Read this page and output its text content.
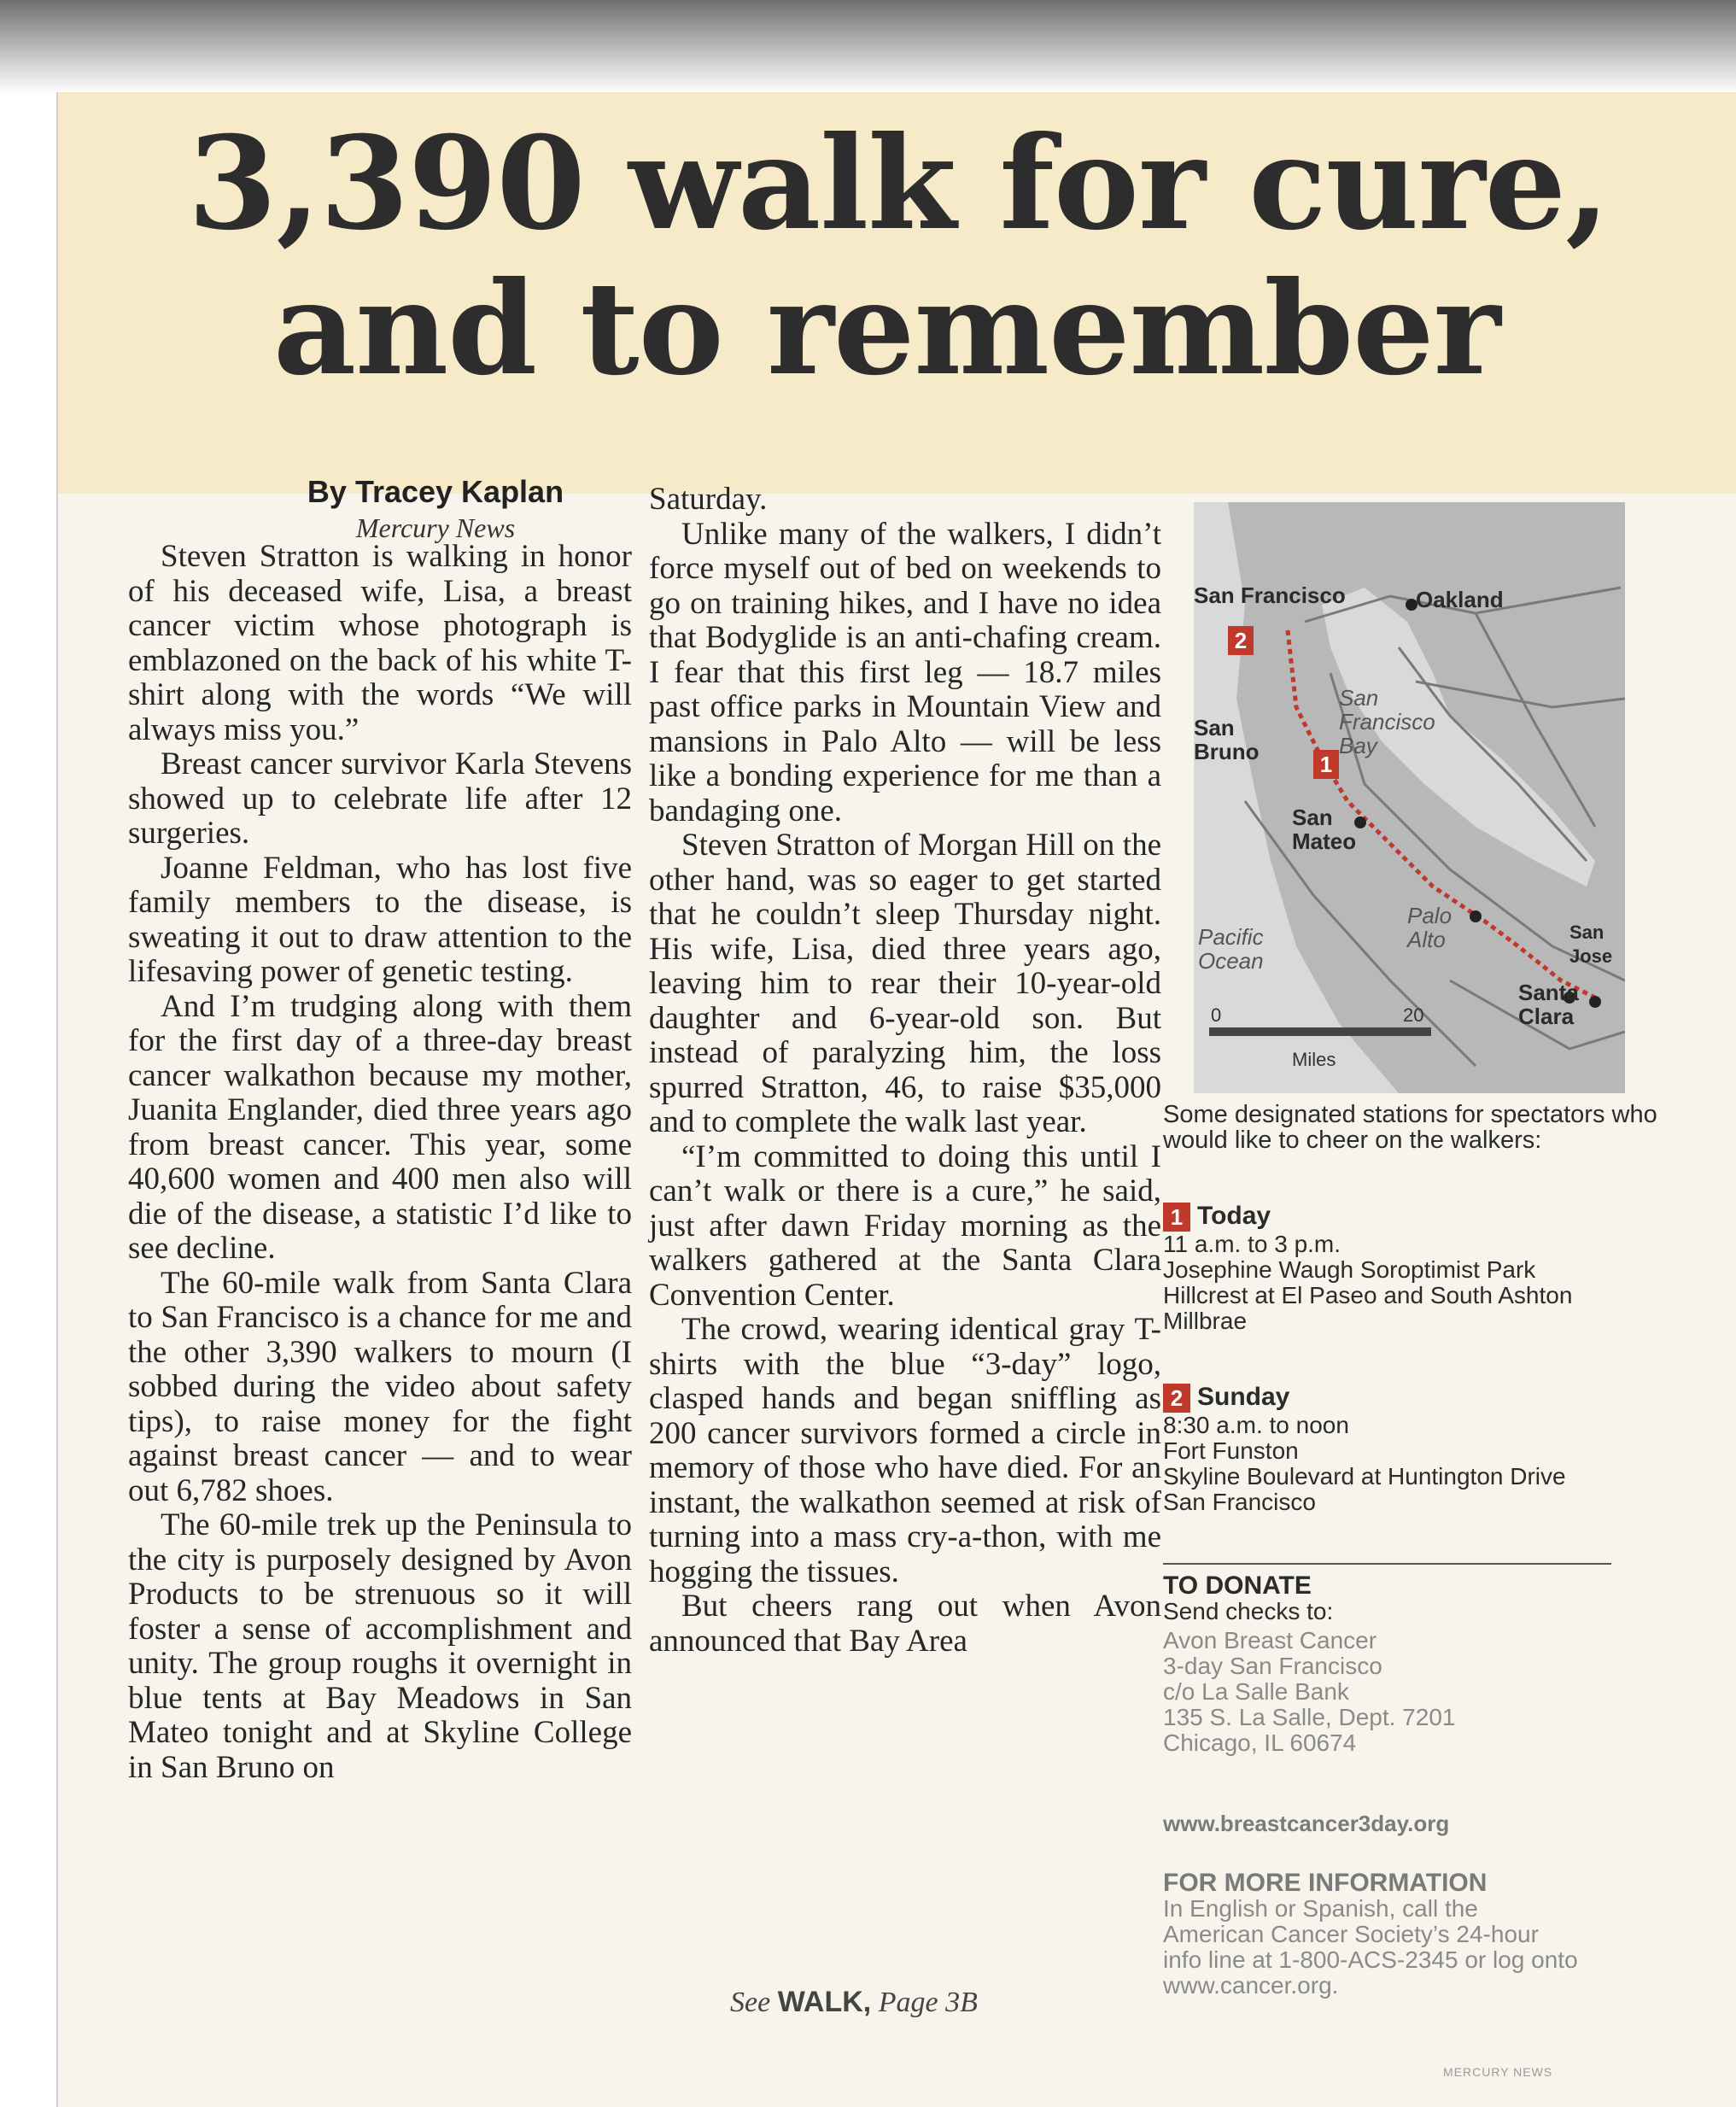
3,390 walk for cure,
and to remember
By Tracey Kaplan
Mercury News

Steven Stratton is walking in honor of his deceased wife, Lisa, a breast cancer victim whose photograph is emblazoned on the back of his white T-shirt along with the words “We will always miss you.”

Breast cancer survivor Karla Stevens showed up to celebrate life after 12 surgeries.

Joanne Feldman, who has lost five family members to the disease, is sweating it out to draw attention to the lifesaving power of genetic testing.

And I’m trudging along with them for the first day of a three-day breast cancer walkathon because my mother, Juanita Englander, died three years ago from breast cancer. This year, some 40,600 women and 400 men also will die of the disease, a statistic I’d like to see decline.

The 60-mile walk from Santa Clara to San Francisco is a chance for me and the other 3,390 walkers to mourn (I sobbed during the video about safety tips), to raise money for the fight against breast cancer — and to wear out 6,782 shoes.

The 60-mile trek up the Peninsula to the city is purposely designed by Avon Products to be strenuous so it will foster a sense of accomplishment and unity. The group roughs it overnight in blue tents at Bay Meadows in San Mateo tonight and at Skyline College in San Bruno on

Saturday.

Unlike many of the walkers, I didn’t force myself out of bed on weekends to go on training hikes, and I have no idea that Bodyglide is an anti-chafing cream. I fear that this first leg — 18.7 miles past office parks in Mountain View and mansions in Palo Alto — will be less like a bonding experience for me than a bandaging one.

Steven Stratton of Morgan Hill on the other hand, was so eager to get started that he couldn’t sleep Thursday night. His wife, Lisa, died three years ago, leaving him to rear their 10-year-old daughter and 6-year-old son. But instead of paralyzing him, the loss spurred Stratton, 46, to raise $35,000 and to complete the walk last year.

“I’m committed to doing this until I can’t walk or there is a cure,” he said, just after dawn Friday morning as the walkers gathered at the Santa Clara Convention Center.

The crowd, wearing identical gray T-shirts with the blue “3-day” logo, clasped hands and began sniffling as 200 cancer survivors formed a circle in memory of those who have died. For an instant, the walkathon seemed at risk of turning into a mass cry-a-thon, with me hogging the tissues.

But cheers rang out when Avon announced that Bay Area

See WALK, Page 3B
San Francisco	Oakland
San Francisco Bay
San Bruno
San Mateo
Pacific Ocean
Palo Alto	San Jose
Santa Clara
2
1
0	20
Miles
Some designated stations for spectators who would like to cheer on the walkers:
1 Today
11 a.m. to 3 p.m.
Josephine Waugh Soroptimist Park
Hillcrest at El Paseo and South Ashton
Millbrae
2 Sunday
8:30 a.m. to noon
Fort Funston
Skyline Boulevard at Huntington Drive
San Francisco
TO DONATE
Send checks to:
Avon Breast Cancer
3-day San Francisco
c/o La Salle Bank
135 S. La Salle, Dept. 7201
Chicago, IL 60674
www.breastcancer3day.org
FOR MORE INFORMATION
In English or Spanish, call the American Cancer Society’s 24-hour info line at 1-800-ACS-2345 or log onto www.cancer.org.
MERCURY NEWS
